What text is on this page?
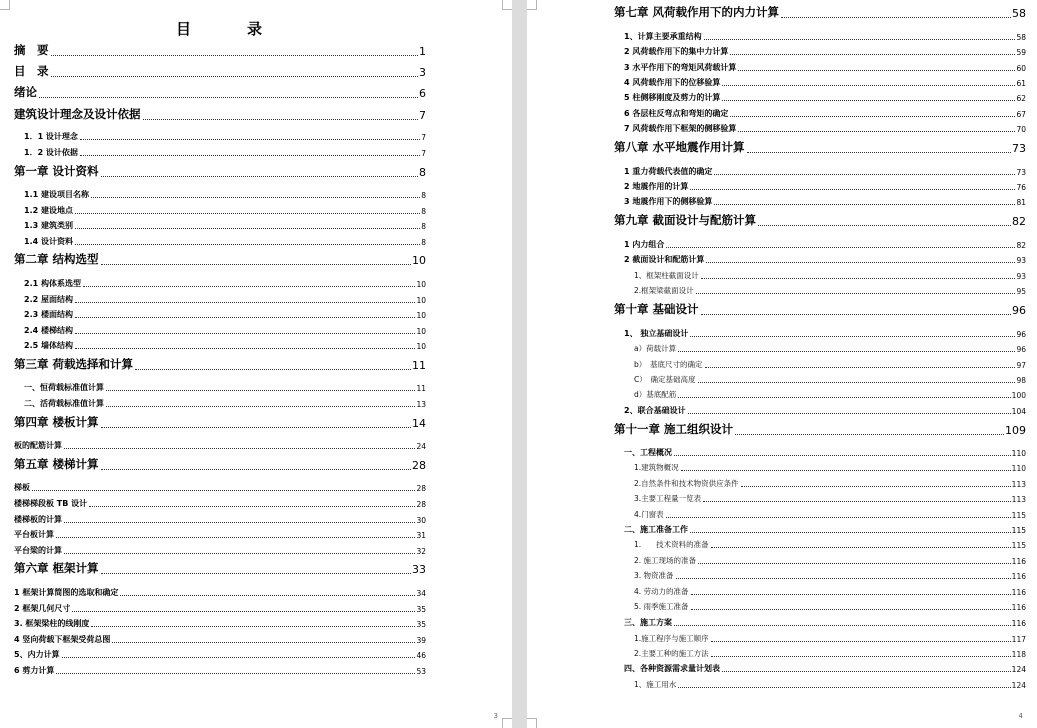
目	录
摘　要	1
目　录	3
绪论	6
建筑设计理念及设计依据	7
1．1 设计理念	7
1．2 设计依据	7
第一章 设计资料	8
1.1 建设项目名称	8
1.2 建设地点	8
1.3 建筑类别	8
1.4 设计资料	8
第二章 结构选型	10
2.1 构体系选型	10
2.2 屋面结构	10
2.3 楼面结构	10
2.4 楼梯结构	10
2.5 墙体结构	10
第三章 荷载选择和计算	11
一、恒荷载标准值计算	11
二、活荷载标准值计算	13
第四章 楼板计算	14
板的配筋计算	24
第五章 楼梯计算	28
梯板	28
楼梯梯段板 TB 设计	28
楼梯板的计算	30
平台板计算	31
平台梁的计算	32
第六章 框架计算	33
1 框架计算简图的选取和确定	34
2 框架几何尺寸	35
3. 框架梁柱的线刚度	35
4 竖向荷载下框架受荷总图	39
5、内力计算	46
6 剪力计算	53
3
第七章 风荷载作用下的内力计算	58
1、计算主要承重结构	58
2 风荷载作用下的集中力计算	59
3 水平作用下的弯矩风荷载计算	60
4 风荷载作用下的位移验算	61
5 柱侧移刚度及剪力的计算	62
6 各层柱反弯点和弯矩的确定	67
7 风荷载作用下框架的侧移验算	70
第八章 水平地震作用计算	73
1 重力荷载代表值的确定	73
2 地震作用的计算	76
3 地震作用下的侧移验算	81
第九章 截面设计与配筋计算	82
1 内力组合	82
2 截面设计和配筋计算	93
1、框架柱截面设计	93
2.框架梁截面设计	95
第十章 基础设计	96
1、 独立基础设计	96
a）荷载计算	96
b）　基底尺寸的确定	97
C）　确定基础高度	98
d）基底配筋	100
2、联合基础设计	104
第十一章 施工组织设计	109
一、工程概况	110
1.建筑物概况	110
2.自然条件和技术物资供应条件	113
3.主要工程量一览表	113
4.门窗表	115
二、施工准备工作	115
1.　　技术资料的准备	115
2. 施工现场的准备	116
3. 物资准备	116
4. 劳动力的准备	116
5. 雨季施工准备	116
三、施工方案	116
1.施工程序与施工顺序	117
2.主要工种的施工方法	118
四、各种资源需求量计划表	124
1、施工用水	124
4
